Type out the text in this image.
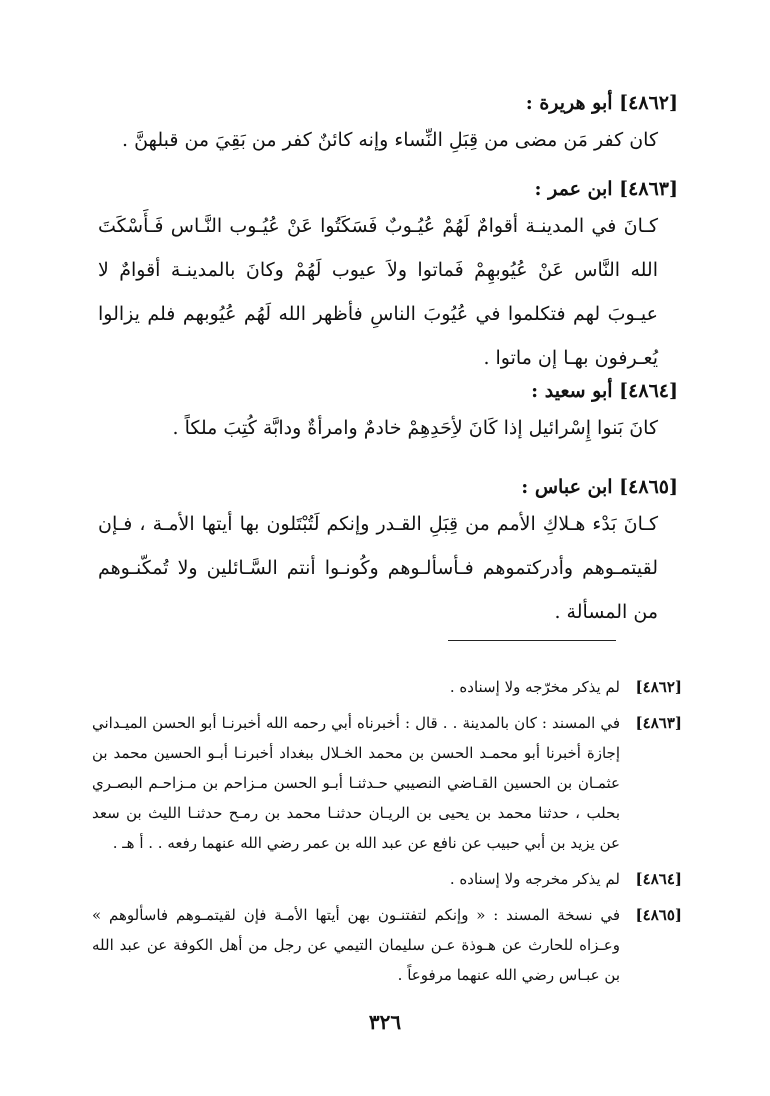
[٤٨٦٢] أبو هريرة :
كان كفر مَن مضى من قِبَلِ النِّساء وإنه كائنٌ كفر من بَقِيَ من قبلهنَّ .
[٤٨٦٣] ابن عمر :
كـانَ في المدينـة أقوامٌ لَهُمْ عُيُـوبٌ فَسَكَتُوا عَنْ عُيُـوب النَّـاس فَـأَسْكَتَ الله النَّاس عَنْ عُيُوبهِمْ فَماتوا ولاَ عيوب لَهُمْ وكانَ بالمدينـة أقوامٌ لا عيـوبَ لهم فتكلموا في عُيُوبَ الناسِ فأظهر الله لَهُم عُيُوبهم فلم يزالوا يُعـرفون بهـا إن ماتوا .
[٤٨٦٤] أبو سعيد :
كانَ بَنوا إِسْرائيل إذا كَانَ لأِحَدِهِمْ خادمٌ وامرأةٌ ودابَّة كُتِبَ ملكاً .
[٤٨٦٥] ابن عباس :
كـانَ بَدْء هـلاكِ الأمم من قِبَلِ القـدر وإنكم لَتُبْتَلون بها أيتها الأمـة ، فـإن لقيتمـوهم وأدركتموهم فـأسألـوهم وكُونـوا أنتم السَّـائلين ولا تُمكّنـوهم من المسألة .
[٤٨٦٢]
لم يذكر مخرّجه ولا إسناده .
[٤٨٦٣]
في المسند : كان بالمدينة . . قال : أخبرناه أبي رحمه الله أخبرنـا أبو الحسن الميـداني إجازة أخبرنا أبو محمـد الحسن بن محمد الخـلال ببغداد أخبرنـا أبـو الحسين محمد بن عثمـان بن الحسين القـاضي النصيبي حـدثنـا أبـو الحسن مـزاحم بن مـزاحـم البصـري بحلب ، حدثنا محمد بن يحيى بن الريـان حدثنـا محمد بن رمـح حدثنـا الليث بن سعد عن يزيد بن أبي حبيب عن نافع عن عبد الله بن عمر رضي الله عنهما رفعه . . أ هـ .
[٤٨٦٤]
لم يذكر مخرجه ولا إسناده .
[٤٨٦٥]
في نسخة المسند : « وإنكم لتفتنـون بهن أيتها الأمـة فإن لقيتمـوهم فاسألوهم » وعـزاه للحارث عن هـوذة عـن سليمان التيمي عن رجل من أهل الكوفة عن عبد الله بن عبـاس رضي الله عنهما مرفوعاً .
٣٢٦
